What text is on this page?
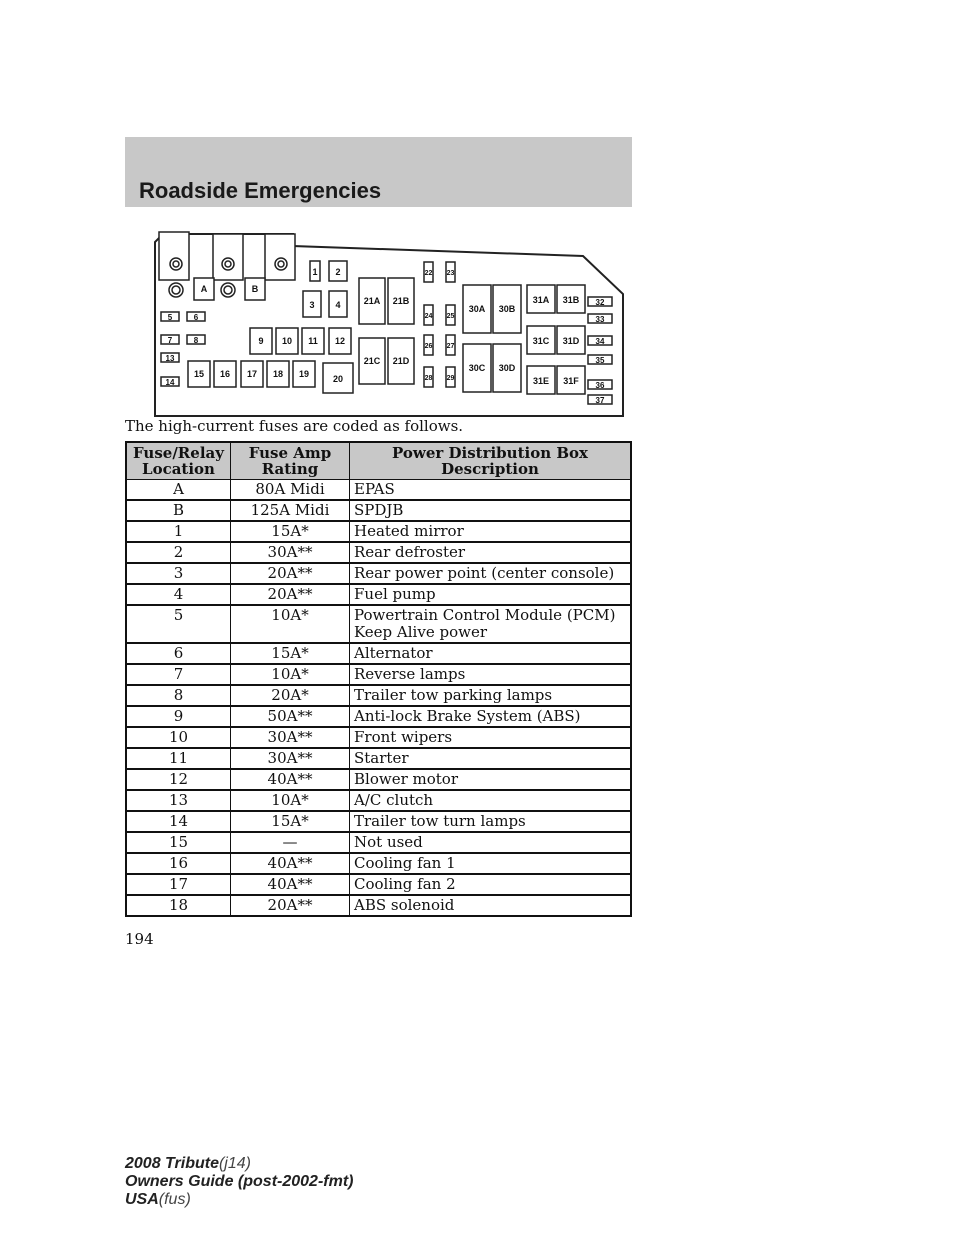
Roadside Emergencies
A	B
1 2
3 4
5	6
7	8
13
14
9 10 11 12
15 16 17 18 19	20
21A 21B
21C 21D
22 23
24 25
26 27
28 29
30A 30B
30C 30D
31A 31B
31C 31D
31E 31F
32
33
34
35
36
37
The high-current fuses are coded as follows.
Fuse/Relay Location	Fuse Amp Rating	Power Distribution Box Description
A	80A Midi	EPAS
B	125A Midi	SPDJB
1	15A*	Heated mirror
2	30A**	Rear defroster
3	20A**	Rear power point (center console)
4	20A**	Fuel pump
5	10A*	Powertrain Control Module (PCM) Keep Alive power
6	15A*	Alternator
7	10A*	Reverse lamps
8	20A*	Trailer tow parking lamps
9	50A**	Anti-lock Brake System (ABS)
10	30A**	Front wipers
11	30A**	Starter
12	40A**	Blower motor
13	10A*	A/C clutch
14	15A*	Trailer tow turn lamps
15	—	Not used
16	40A**	Cooling fan 1
17	40A**	Cooling fan 2
18	20A**	ABS solenoid
194
2008 Tribute(j14)
Owners Guide (post-2002-fmt)
USA(fus)
